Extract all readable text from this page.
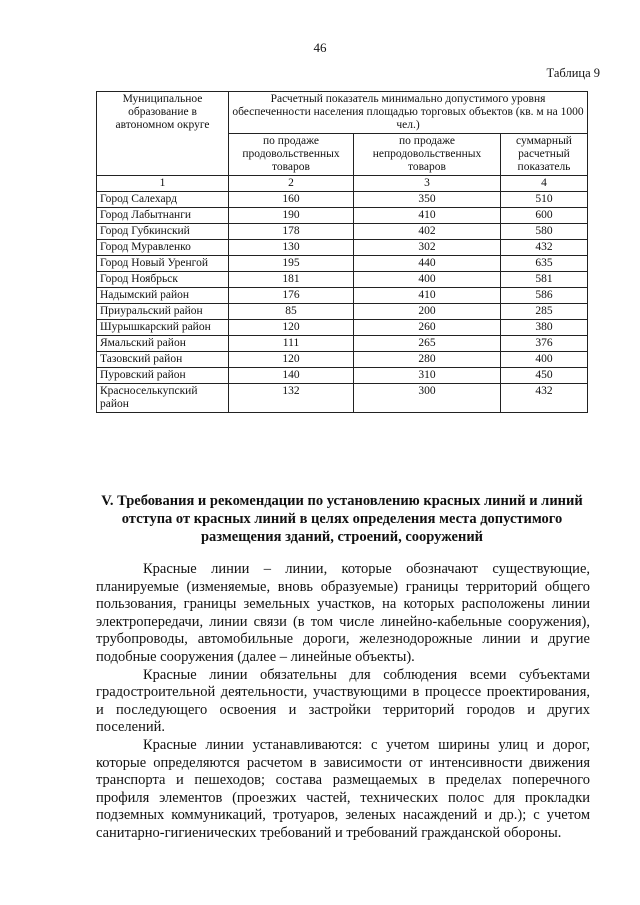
46
Таблица 9
Муниципальное образование в автономном округе	Расчетный показатель минимально допустимого уровня обеспеченности населения площадью торговых объектов (кв. м на 1000 чел.)		
	по продаже продовольственных товаров	по продаже непродовольственных товаров	суммарный расчетный показатель
1	2	3	4
Город Салехард	160	350	510
Город Лабытнанги	190	410	600
Город Губкинский	178	402	580
Город Муравленко	130	302	432
Город Новый Уренгой	195	440	635
Город Ноябрьск	181	400	581
Надымский район	176	410	586
Приуральский район	85	200	285
Шурышкарский район	120	260	380
Ямальский район	111	265	376
Тазовский район	120	280	400
Пуровский район	140	310	450
Красноселькупский район	132	300	432
V. Требования и рекомендации по установлению красных линий и линий отступа от красных линий в целях определения места допустимого размещения зданий, строений, сооружений

Красные линии – линии, которые обозначают существующие, планируемые (изменяемые, вновь образуемые) границы территорий общего пользования, границы земельных участков, на которых расположены линии электропередачи, линии связи (в том числе линейно-кабельные сооружения), трубопроводы, автомобильные дороги, железнодорожные линии и другие подобные сооружения (далее – линейные объекты).

Красные линии обязательны для соблюдения всеми субъектами градостроительной деятельности, участвующими в процессе проектирования, и последующего освоения и застройки территорий городов и других поселений.

Красные линии устанавливаются: с учетом ширины улиц и дорог, которые определяются расчетом в зависимости от интенсивности движения транспорта и пешеходов; состава размещаемых в пределах поперечного профиля элементов (проезжих частей, технических полос для прокладки подземных коммуникаций, тротуаров, зеленых насаждений и др.); с учетом санитарно-гигиенических требований и требований гражданской обороны.
